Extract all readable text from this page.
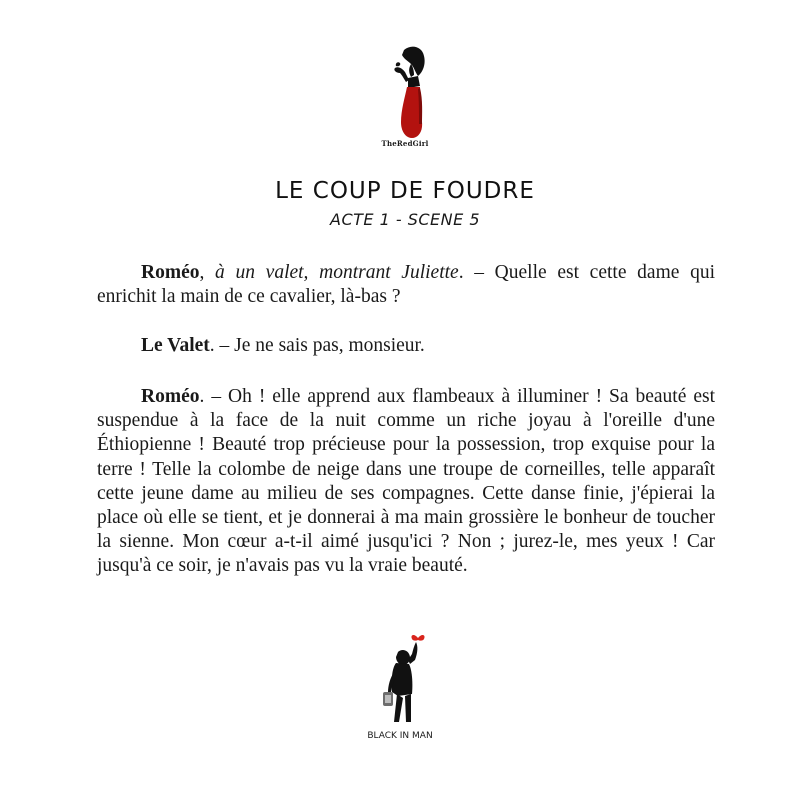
TheRedGirl
LE COUP DE FOUDRE
ACTE 1 - SCENE 5

Roméo, à un valet, montrant Juliette. – Quelle est cette dame qui enrichit la main de ce cavalier, là-bas ?

Le Valet. – Je ne sais pas, monsieur.

Roméo. – Oh ! elle apprend aux flambeaux à illuminer ! Sa beauté est suspendue à la face de la nuit comme un riche joyau à l'oreille d'une Éthiopienne ! Beauté trop précieuse pour la possession, trop exquise pour la terre ! Telle la colombe de neige dans une troupe de corneilles, telle apparaît cette jeune dame au milieu de ses compagnes. Cette danse finie, j'épierai la place où elle se tient, et je donnerai à ma main grossière le bonheur de toucher la sienne. Mon cœur a-t-il aimé jusqu'ici ? Non ; jurez-le, mes yeux ! Car jusqu'à ce soir, je n'avais pas vu la vraie beauté.

BLACK IN MAN
